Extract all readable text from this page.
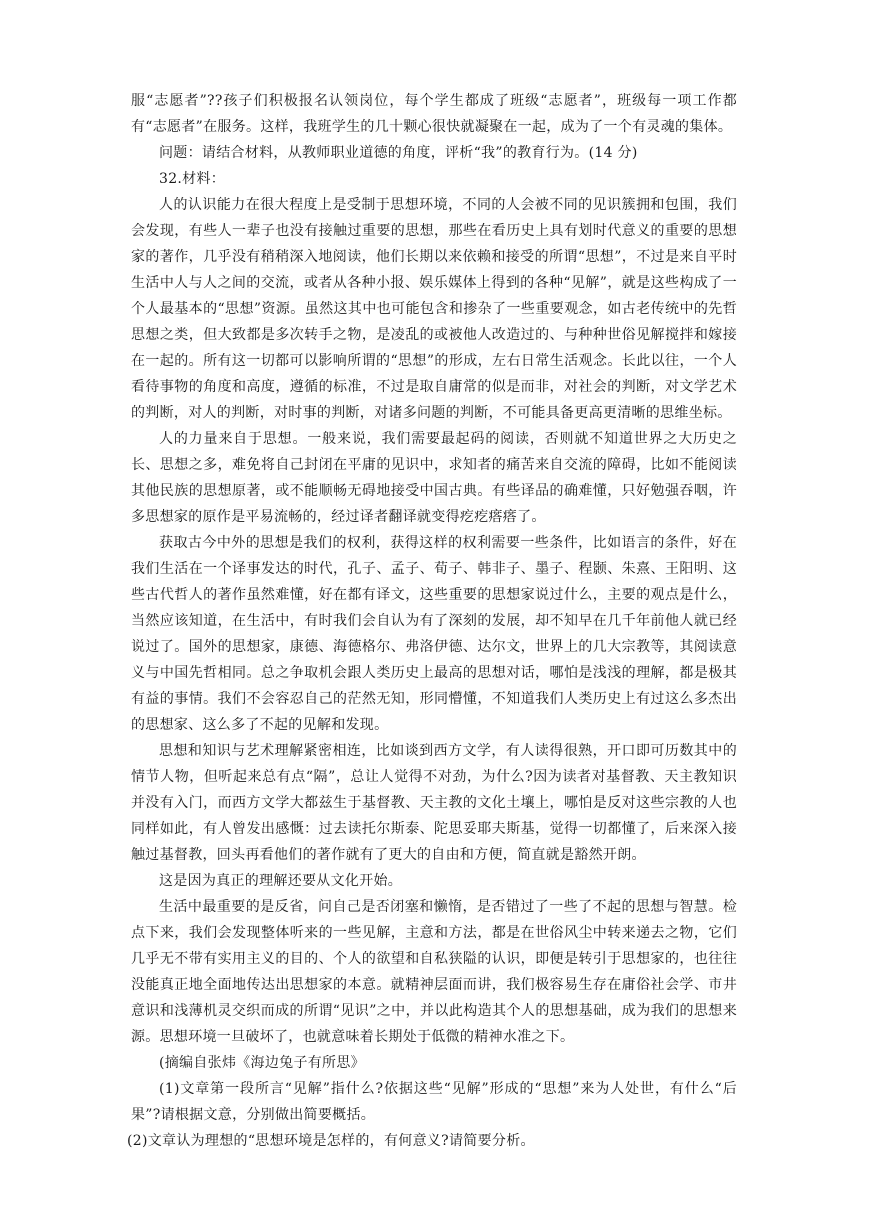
服“志愿者”??孩子们积极报名认领岗位，每个学生都成了班级“志愿者”，班级每一项工作都有“志愿者”在服务。这样，我班学生的几十颗心很快就凝聚在一起，成为了一个有灵魂的集体。

问题：请结合材料，从教师职业道德的角度，评析“我”的教育行为。(14 分)

32.材料：

人的认识能力在很大程度上是受制于思想环境，不同的人会被不同的见识簇拥和包围，我们会发现，有些人一辈子也没有接触过重要的思想，那些在看历史上具有划时代意义的重要的思想家的著作，几乎没有稍稍深入地阅读，他们长期以来依赖和接受的所谓“思想”，不过是来自平时生活中人与人之间的交流，或者从各种小报、娱乐媒体上得到的各种“见解”，就是这些构成了一个人最基本的“思想”资源。虽然这其中也可能包含和掺杂了一些重要观念，如古老传统中的先哲思想之类，但大致都是多次转手之物，是凌乱的或被他人改造过的、与种种世俗见解搅拌和嫁接在一起的。所有这一切都可以影响所谓的“思想”的形成，左右日常生活观念。长此以往，一个人看待事物的角度和高度，遵循的标准，不过是取自庸常的似是而非，对社会的判断，对文学艺术的判断，对人的判断，对时事的判断，对诸多问题的判断，不可能具备更高更清晰的思维坐标。

人的力量来自于思想。一般来说，我们需要最起码的阅读，否则就不知道世界之大历史之长、思想之多，难免将自己封闭在平庸的见识中，求知者的痛苦来自交流的障碍，比如不能阅读其他民族的思想原著，或不能顺畅无碍地接受中国古典。有些译品的确难懂，只好勉强吞咽，许多思想家的原作是平易流畅的，经过译者翻译就变得疙疙瘩瘩了。

获取古今中外的思想是我们的权利，获得这样的权利需要一些条件，比如语言的条件，好在我们生活在一个译事发达的时代，孔子、孟子、荀子、韩非子、墨子、程颢、朱熹、王阳明、这些古代哲人的著作虽然难懂，好在都有译文，这些重要的思想家说过什么，主要的观点是什么，当然应该知道，在生活中，有时我们会自认为有了深刻的发展，却不知早在几千年前他人就已经说过了。国外的思想家，康德、海德格尔、弗洛伊德、达尔文，世界上的几大宗教等，其阅读意义与中国先哲相同。总之争取机会跟人类历史上最高的思想对话，哪怕是浅浅的理解，都是极其有益的事情。我们不会容忍自己的茫然无知，形同懵懂，不知道我们人类历史上有过这么多杰出的思想家、这么多了不起的见解和发现。

思想和知识与艺术理解紧密相连，比如谈到西方文学，有人读得很熟，开口即可历数其中的情节人物，但听起来总有点“隔”，总让人觉得不对劲，为什么?因为读者对基督教、天主教知识并没有入门，而西方文学大都兹生于基督教、天主教的文化土壤上，哪怕是反对这些宗教的人也同样如此，有人曾发出感慨：过去读托尔斯泰、陀思妥耶夫斯基，觉得一切都懂了，后来深入接触过基督教，回头再看他们的著作就有了更大的自由和方便，简直就是豁然开朗。

这是因为真正的理解还要从文化开始。

生活中最重要的是反省，问自己是否闭塞和懒惰，是否错过了一些了不起的思想与智慧。检点下来，我们会发现整体听来的一些见解，主意和方法，都是在世俗风尘中转来递去之物，它们几乎无不带有实用主义的目的、个人的欲望和自私狭隘的认识，即便是转引于思想家的，也往往没能真正地全面地传达出思想家的本意。就精神层面而讲，我们极容易生存在庸俗社会学、市井意识和浅薄机灵交织而成的所谓“见识”之中，并以此构造其个人的思想基础，成为我们的思想来源。思想环境一旦破坏了，也就意味着长期处于低微的精神水准之下。

(摘编自张炜《海边兔子有所思》

(1)文章第一段所言“见解”指什么?依据这些“见解”形成的“思想”来为人处世，有什么“后果”?请根据文意，分别做出简要概括。

(2)文章认为理想的“思想环境是怎样的，有何意义?请简要分析。
